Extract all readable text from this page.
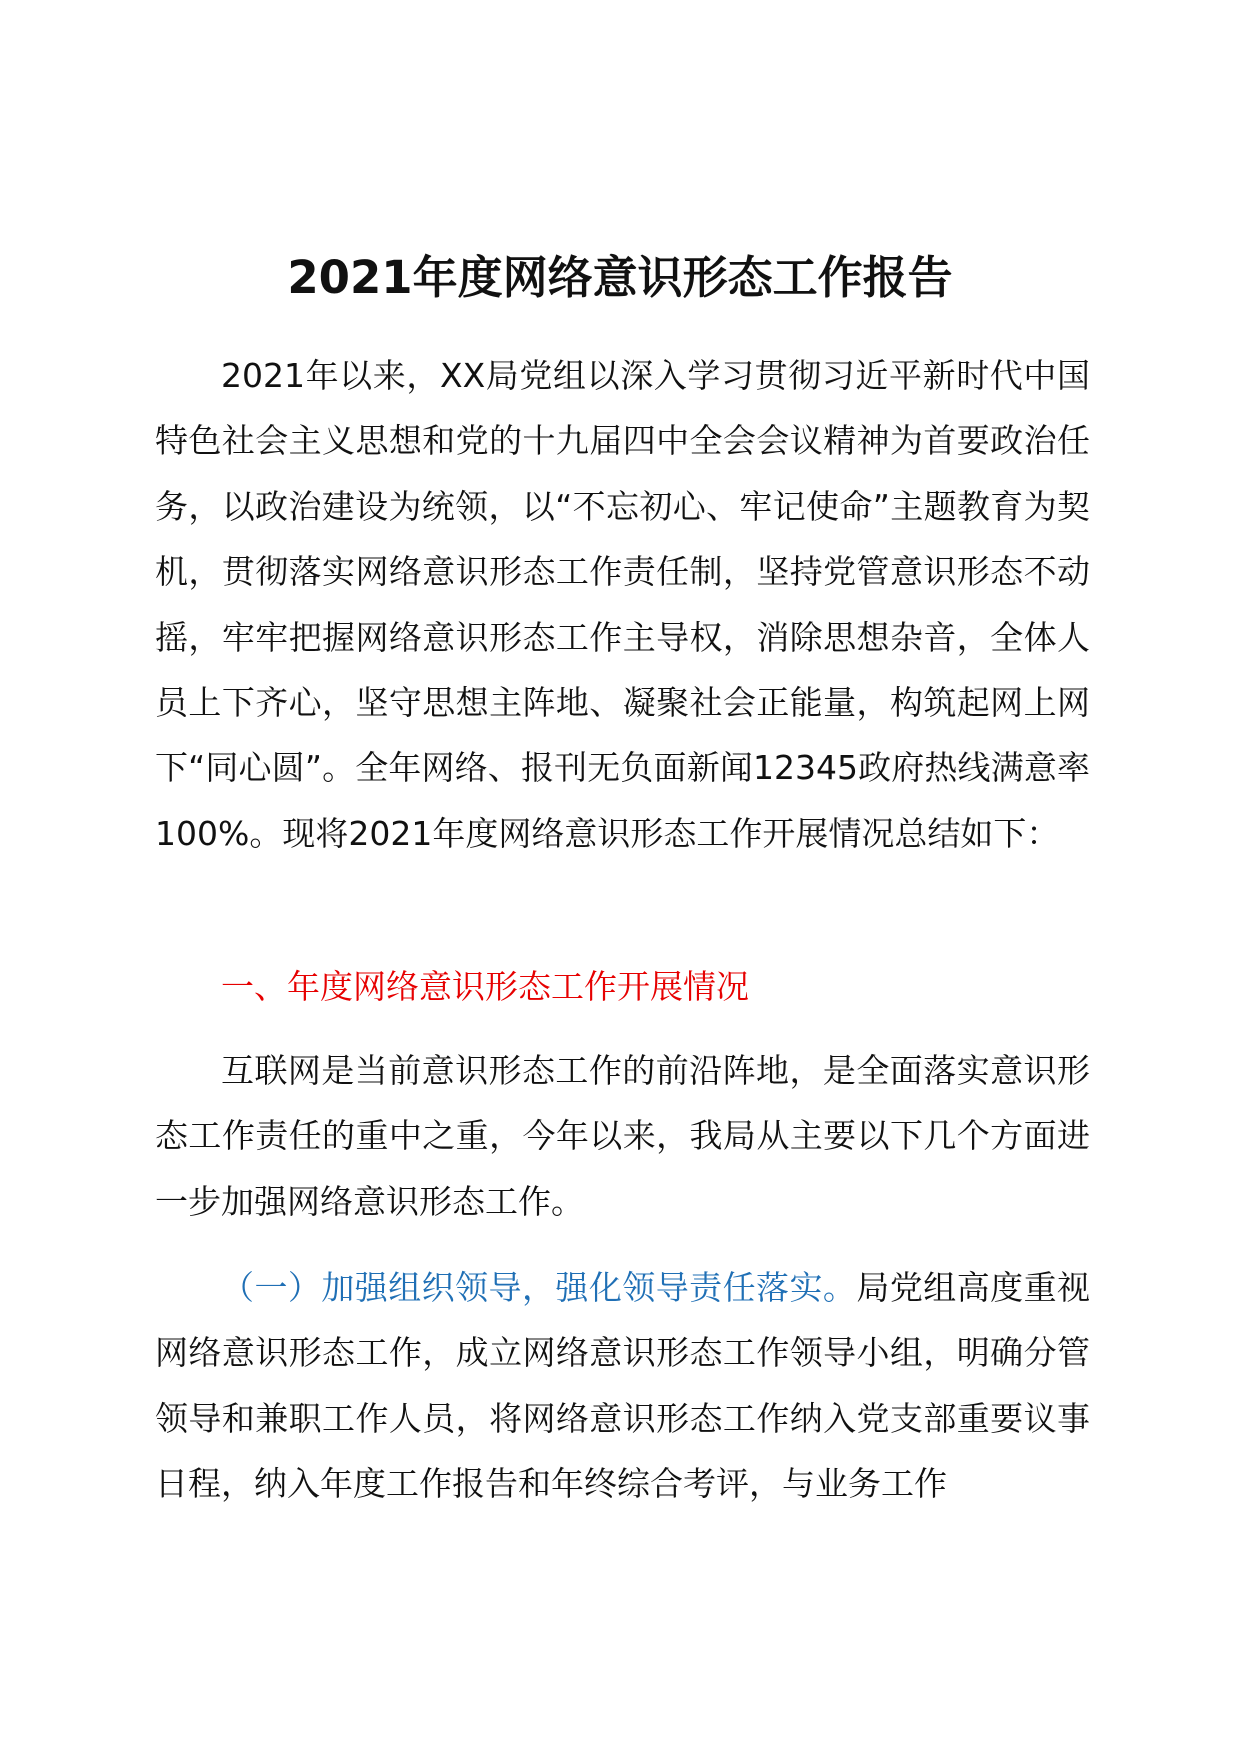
2021年度网络意识形态工作报告

2021年以来，XX局党组以深入学习贯彻习近平新时代中国特色社会主义思想和党的十九届四中全会会议精神为首要政治任务，以政治建设为统领，以“不忘初心、牢记使命”主题教育为契机，贯彻落实网络意识形态工作责任制，坚持党管意识形态不动摇，牢牢把握网络意识形态工作主导权，消除思想杂音，全体人员上下齐心，坚守思想主阵地、凝聚社会正能量，构筑起网上网下“同心圆”。全年网络、报刊无负面新闻12345政府热线满意率100%。现将2021年度网络意识形态工作开展情况总结如下：

一、年度网络意识形态工作开展情况

互联网是当前意识形态工作的前沿阵地，是全面落实意识形态工作责任的重中之重，今年以来，我局从主要以下几个方面进一步加强网络意识形态工作。

（一）加强组织领导，强化领导责任落实。局党组高度重视网络意识形态工作，成立网络意识形态工作领导小组，明确分管领导和兼职工作人员，将网络意识形态工作纳入党支部重要议事日程，纳入年度工作报告和年终综合考评，与业务工作
